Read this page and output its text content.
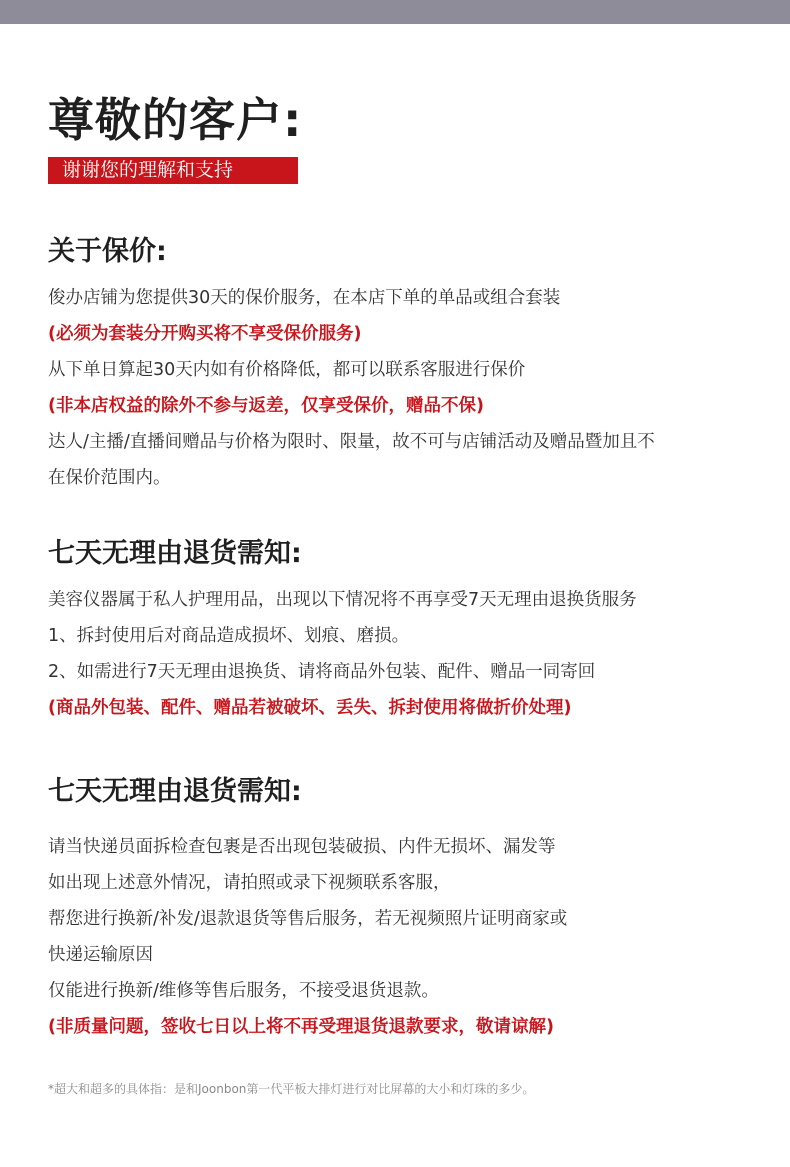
尊敬的客户:
谢谢您的理解和支持
关于保价:
俊办店铺为您提供30天的保价服务，在本店下单的单品或组合套装
(必须为套装分开购买将不享受保价服务)
从下单日算起30天内如有价格降低，都可以联系客服进行保价
(非本店权益的除外不参与返差，仅享受保价，赠品不保)
达人/主播/直播间赠品与价格为限时、限量，故不可与店铺活动及赠品暨加且不
在保价范围内。
七天无理由退货需知:
美容仪器属于私人护理用品，出现以下情况将不再享受7天无理由退换货服务
1、拆封使用后对商品造成损坏、划痕、磨损。
2、如需进行7天无理由退换货、请将商品外包装、配件、赠品一同寄回
(商品外包装、配件、赠品若被破坏、丢失、拆封使用将做折价处理)
七天无理由退货需知:
请当快递员面拆检查包裹是否出现包装破损、内件无损坏、漏发等
如出现上述意外情况，请拍照或录下视频联系客服，
帮您进行换新/补发/退款退货等售后服务，若无视频照片证明商家或
快递运输原因
仅能进行换新/维修等售后服务，不接受退货退款。
(非质量问题，签收七日以上将不再受理退货退款要求，敬请谅解)
*超大和超多的具体指：是和Joonbon第一代平板大排灯进行对比屏幕的大小和灯珠的多少。
